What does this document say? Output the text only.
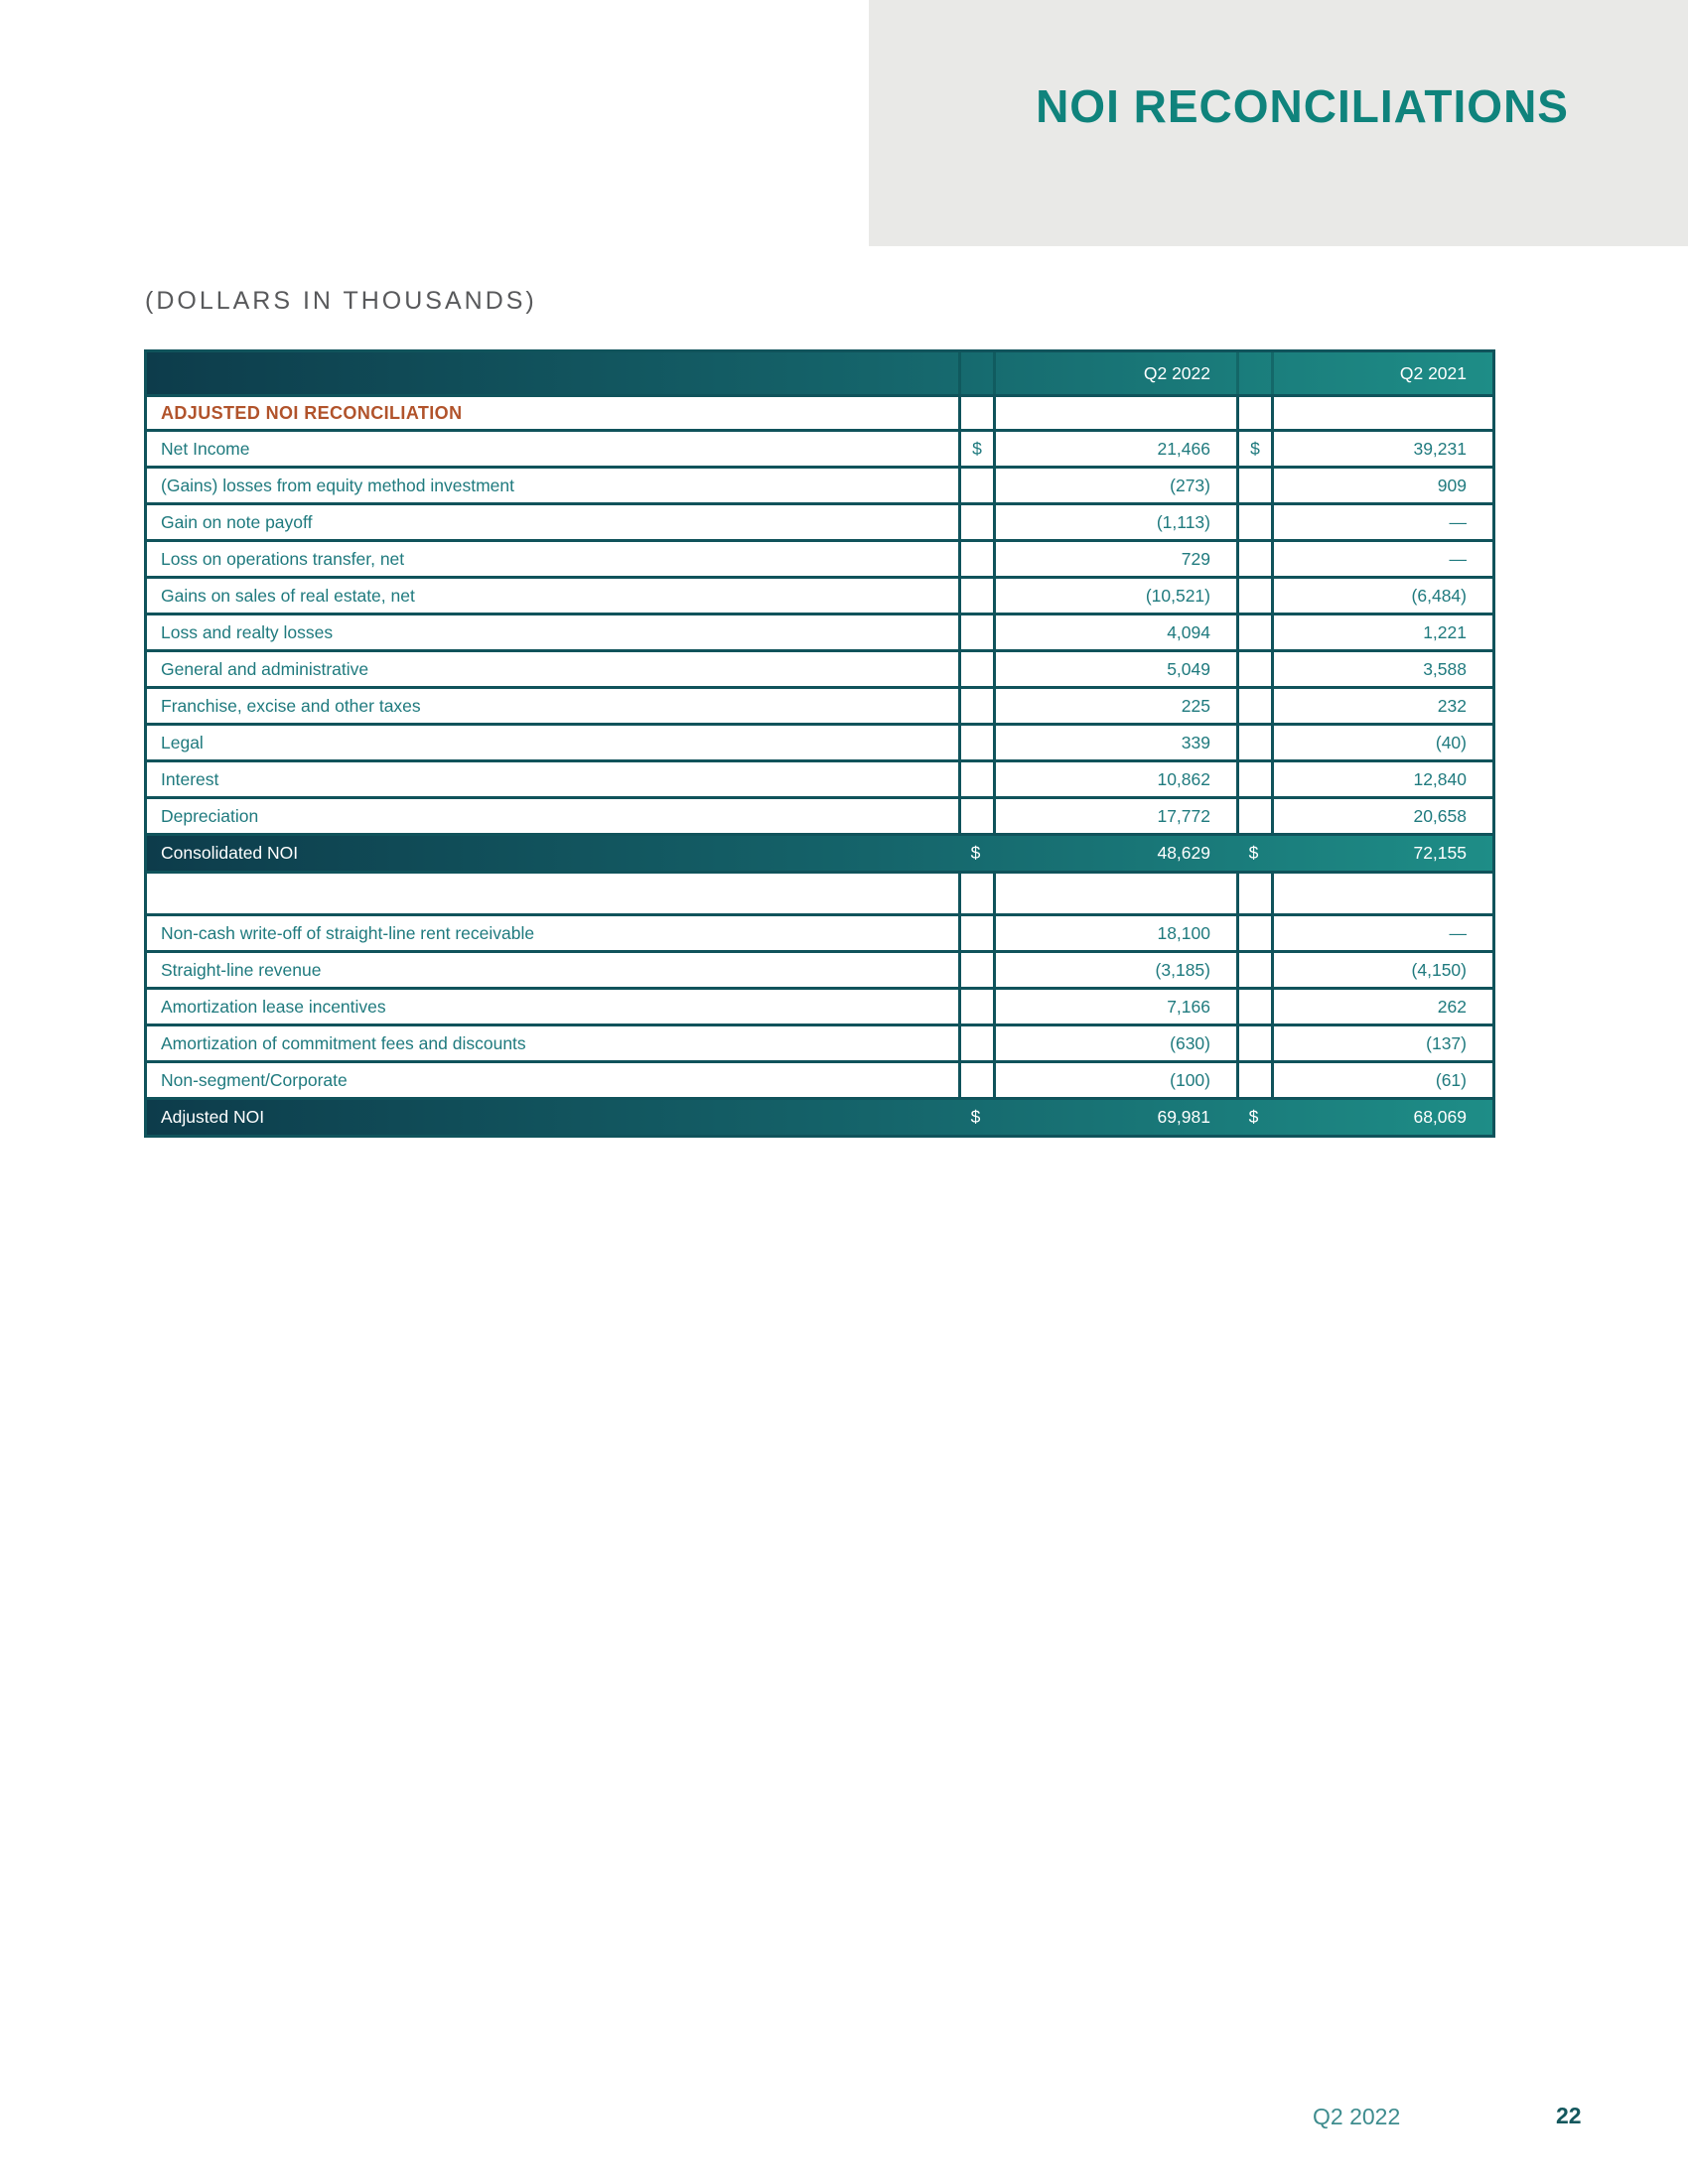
NOI RECONCILIATIONS
(DOLLARS IN THOUSANDS)
Q2 2022	Q2 2021
ADJUSTED NOI RECONCILIATION
Net Income	$	21,466	$	39,231
(Gains) losses from equity method investment	(273)	909
Gain on note payoff	(1,113)	—
Loss on operations transfer, net	729	—
Gains on sales of real estate, net	(10,521)	(6,484)
Loss and realty losses	4,094	1,221
General and administrative	5,049	3,588
Franchise, excise and other taxes	225	232
Legal	339	(40)
Interest	10,862	12,840
Depreciation	17,772	20,658
Consolidated NOI	$	48,629	$	72,155
Non-cash write-off of straight-line rent receivable	18,100	—
Straight-line revenue	(3,185)	(4,150)
Amortization lease incentives	7,166	262
Amortization of commitment fees and discounts	(630)	(137)
Non-segment/Corporate	(100)	(61)
Adjusted NOI	$	69,981	$	68,069
Q2 2022	22
